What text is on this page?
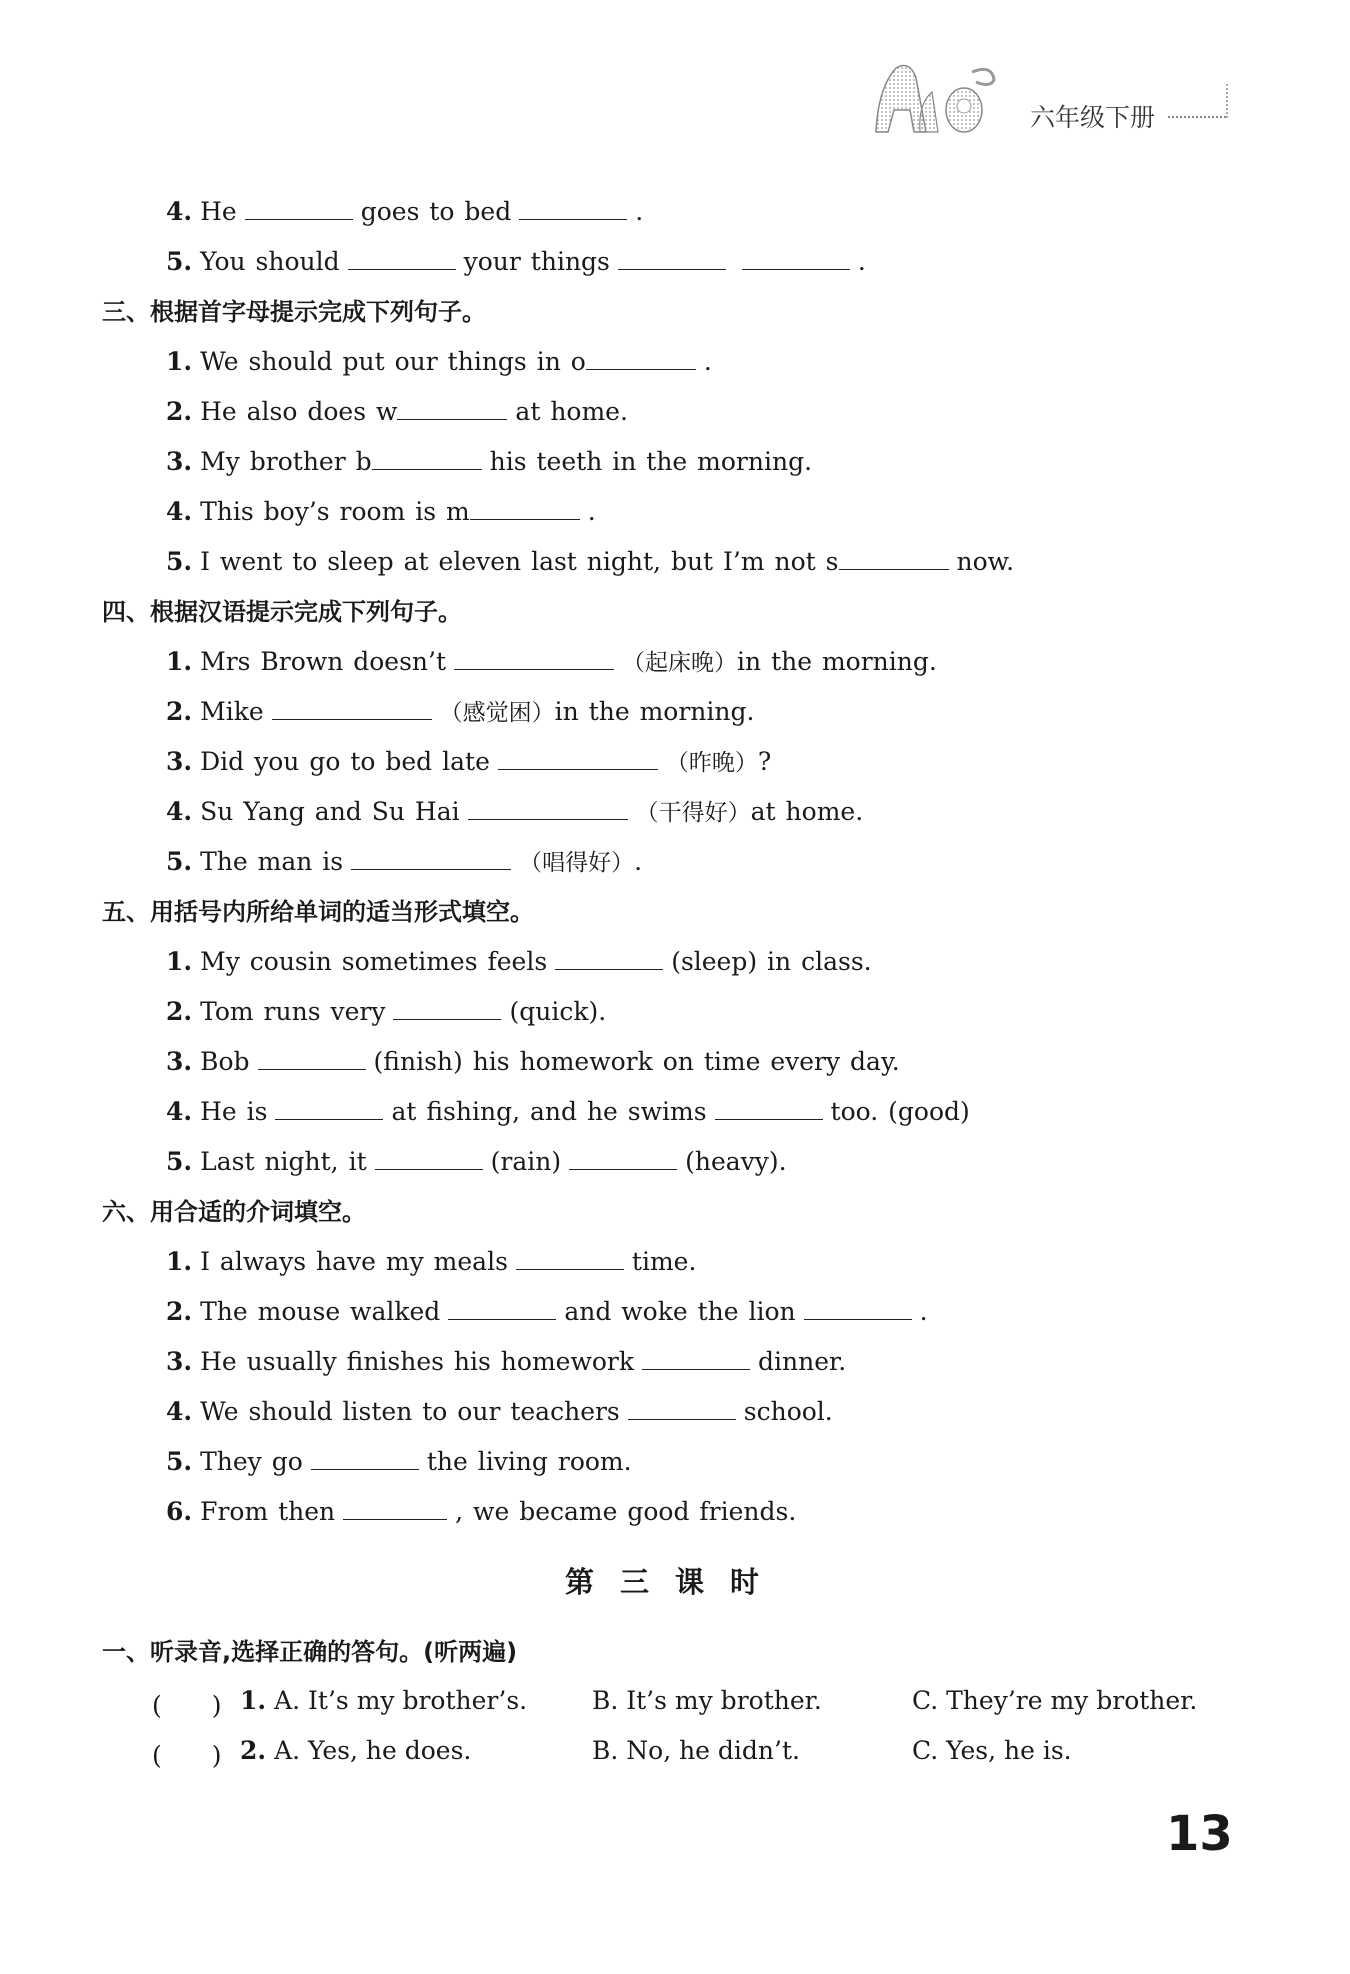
六年级下册
4. He	goes to bed	.
5. You should	your things	.
三、根据首字母提示完成下列句子。
1. We should put our things in o	.
2. He also does w	at home.
3. My brother b	his teeth in the morning.
4. This boy’s room is m	.
5. I went to sleep at eleven last night, but I’m not s	now.
四、根据汉语提示完成下列句子。
1. Mrs Brown doesn’t	（起床晚）in the morning.
2. Mike	（感觉困）in the morning.
3. Did you go to bed late	（昨晚）?
4. Su Yang and Su Hai	（干得好）at home.
5. The man is	（唱得好）.
五、用括号内所给单词的适当形式填空。
1. My cousin sometimes feels	(sleep) in class.
2. Tom runs very	(quick).
3. Bob	(finish) his homework on time every day.
4. He is	at fishing, and he swims	too. (good)
5. Last night, it	(rain)	(heavy).
六、用合适的介词填空。
1. I always have my meals	time.
2. The mouse walked	and woke the lion	.
3. He usually finishes his homework	dinner.
4. We should listen to our teachers	school.
5. They go	the living room.
6. From then	, we became good friends.
第三课时
一、听录音,选择正确的答句。(听两遍)
(　　) 1. A. It’s my brother’s.	B. It’s my brother.	C. They’re my brother.
(　　) 2. A. Yes, he does.	B. No, he didn’t.	C. Yes, he is.
13
